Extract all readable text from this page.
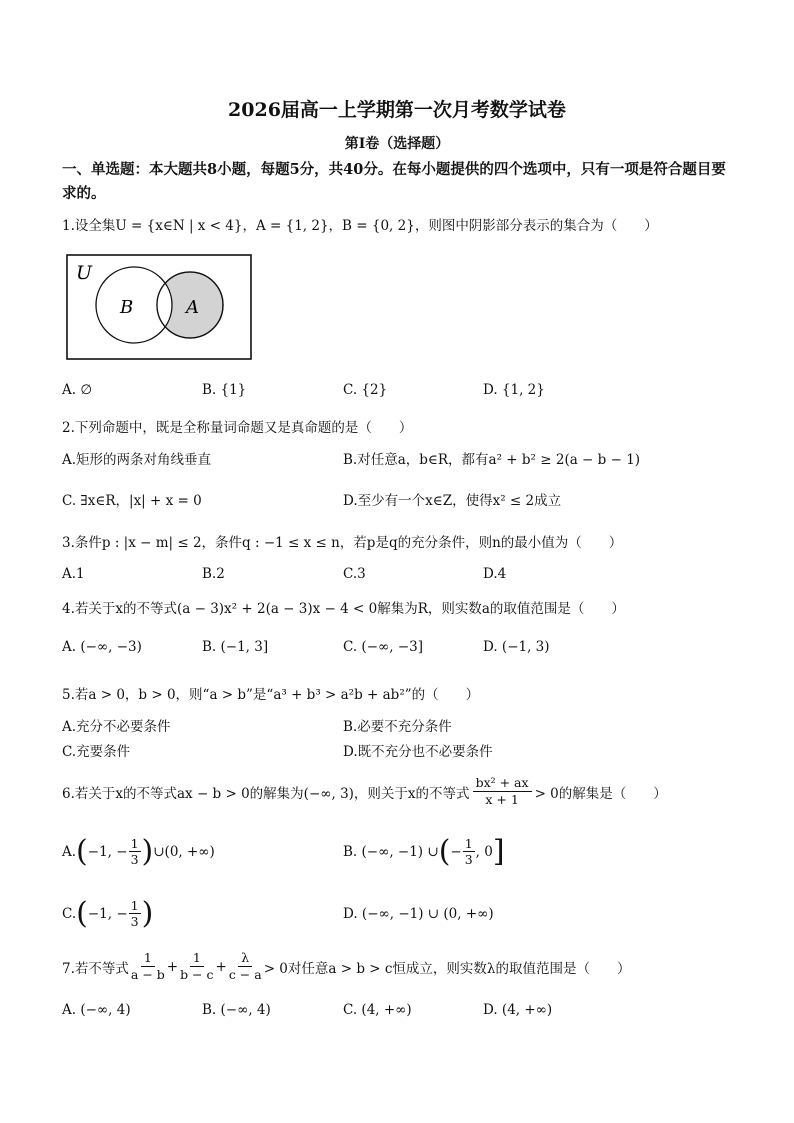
2026届高一上学期第一次月考数学试卷
第Ⅰ卷（选择题）
一、单选题：本大题共8小题，每题5分，共40分。在每小题提供的四个选项中，只有一项是符合题目要求的。
1.设全集U = {x∈N | x < 4}，A = {1, 2}，B = {0, 2}，则图中阴影部分表示的集合为（　　）
U
B	A
A. ∅	B. {1}	C. {2}	D. {1, 2}
2.下列命题中，既是全称量词命题又是真命题的是（　　）
A.矩形的两条对角线垂直	B.对任意a，b∈R，都有a² + b² ≥ 2(a − b − 1)
C. ∃x∈R，|x| + x = 0	D.至少有一个x∈Z，使得x² ≤ 2成立
3.条件p : |x − m| ≤ 2，条件q : −1 ≤ x ≤ n，若p是q的充分条件，则n的最小值为（　　）
A.1	B.2	C.3	D.4
4.若关于x的不等式(a − 3)x² + 2(a − 3)x − 4 < 0解集为R，则实数a的取值范围是（　　）
A. (−∞, −3)	B. (−1, 3]	C. (−∞, −3]	D. (−1, 3)
5.若a > 0，b > 0，则“a > b”是“a³ + b³ > a²b + ab²”的（　　）
A.充分不必要条件	B.必要不充分条件
C.充要条件	D.既不充分也不必要条件
6.若关于x的不等式ax − b > 0的解集为(−∞, 3)，则关于x的不等式 $\frac{\text{bx² + ax}}{x + 1} > 0$的解集是（　　）
A. ( −1, − $\frac{1}{3}$ ) ∪(0, +∞)	B. (−∞, −1) ∪ ( − $\frac{1}{3}$ , 0 ]
C. ( −1, − $\frac{1}{3}$ )	D. (−∞, −1) ∪ (0, +∞)
7.若不等式 $\frac{1}{a - b} + \frac{1}{b - c} + \frac{\lambda}{c - a} > 0$对任意a > b > c恒成立，则实数λ的取值范围是（　　）
A. (−∞, 4)	B. (−∞, 4)	C. (4, +∞)	D. (4, +∞)
